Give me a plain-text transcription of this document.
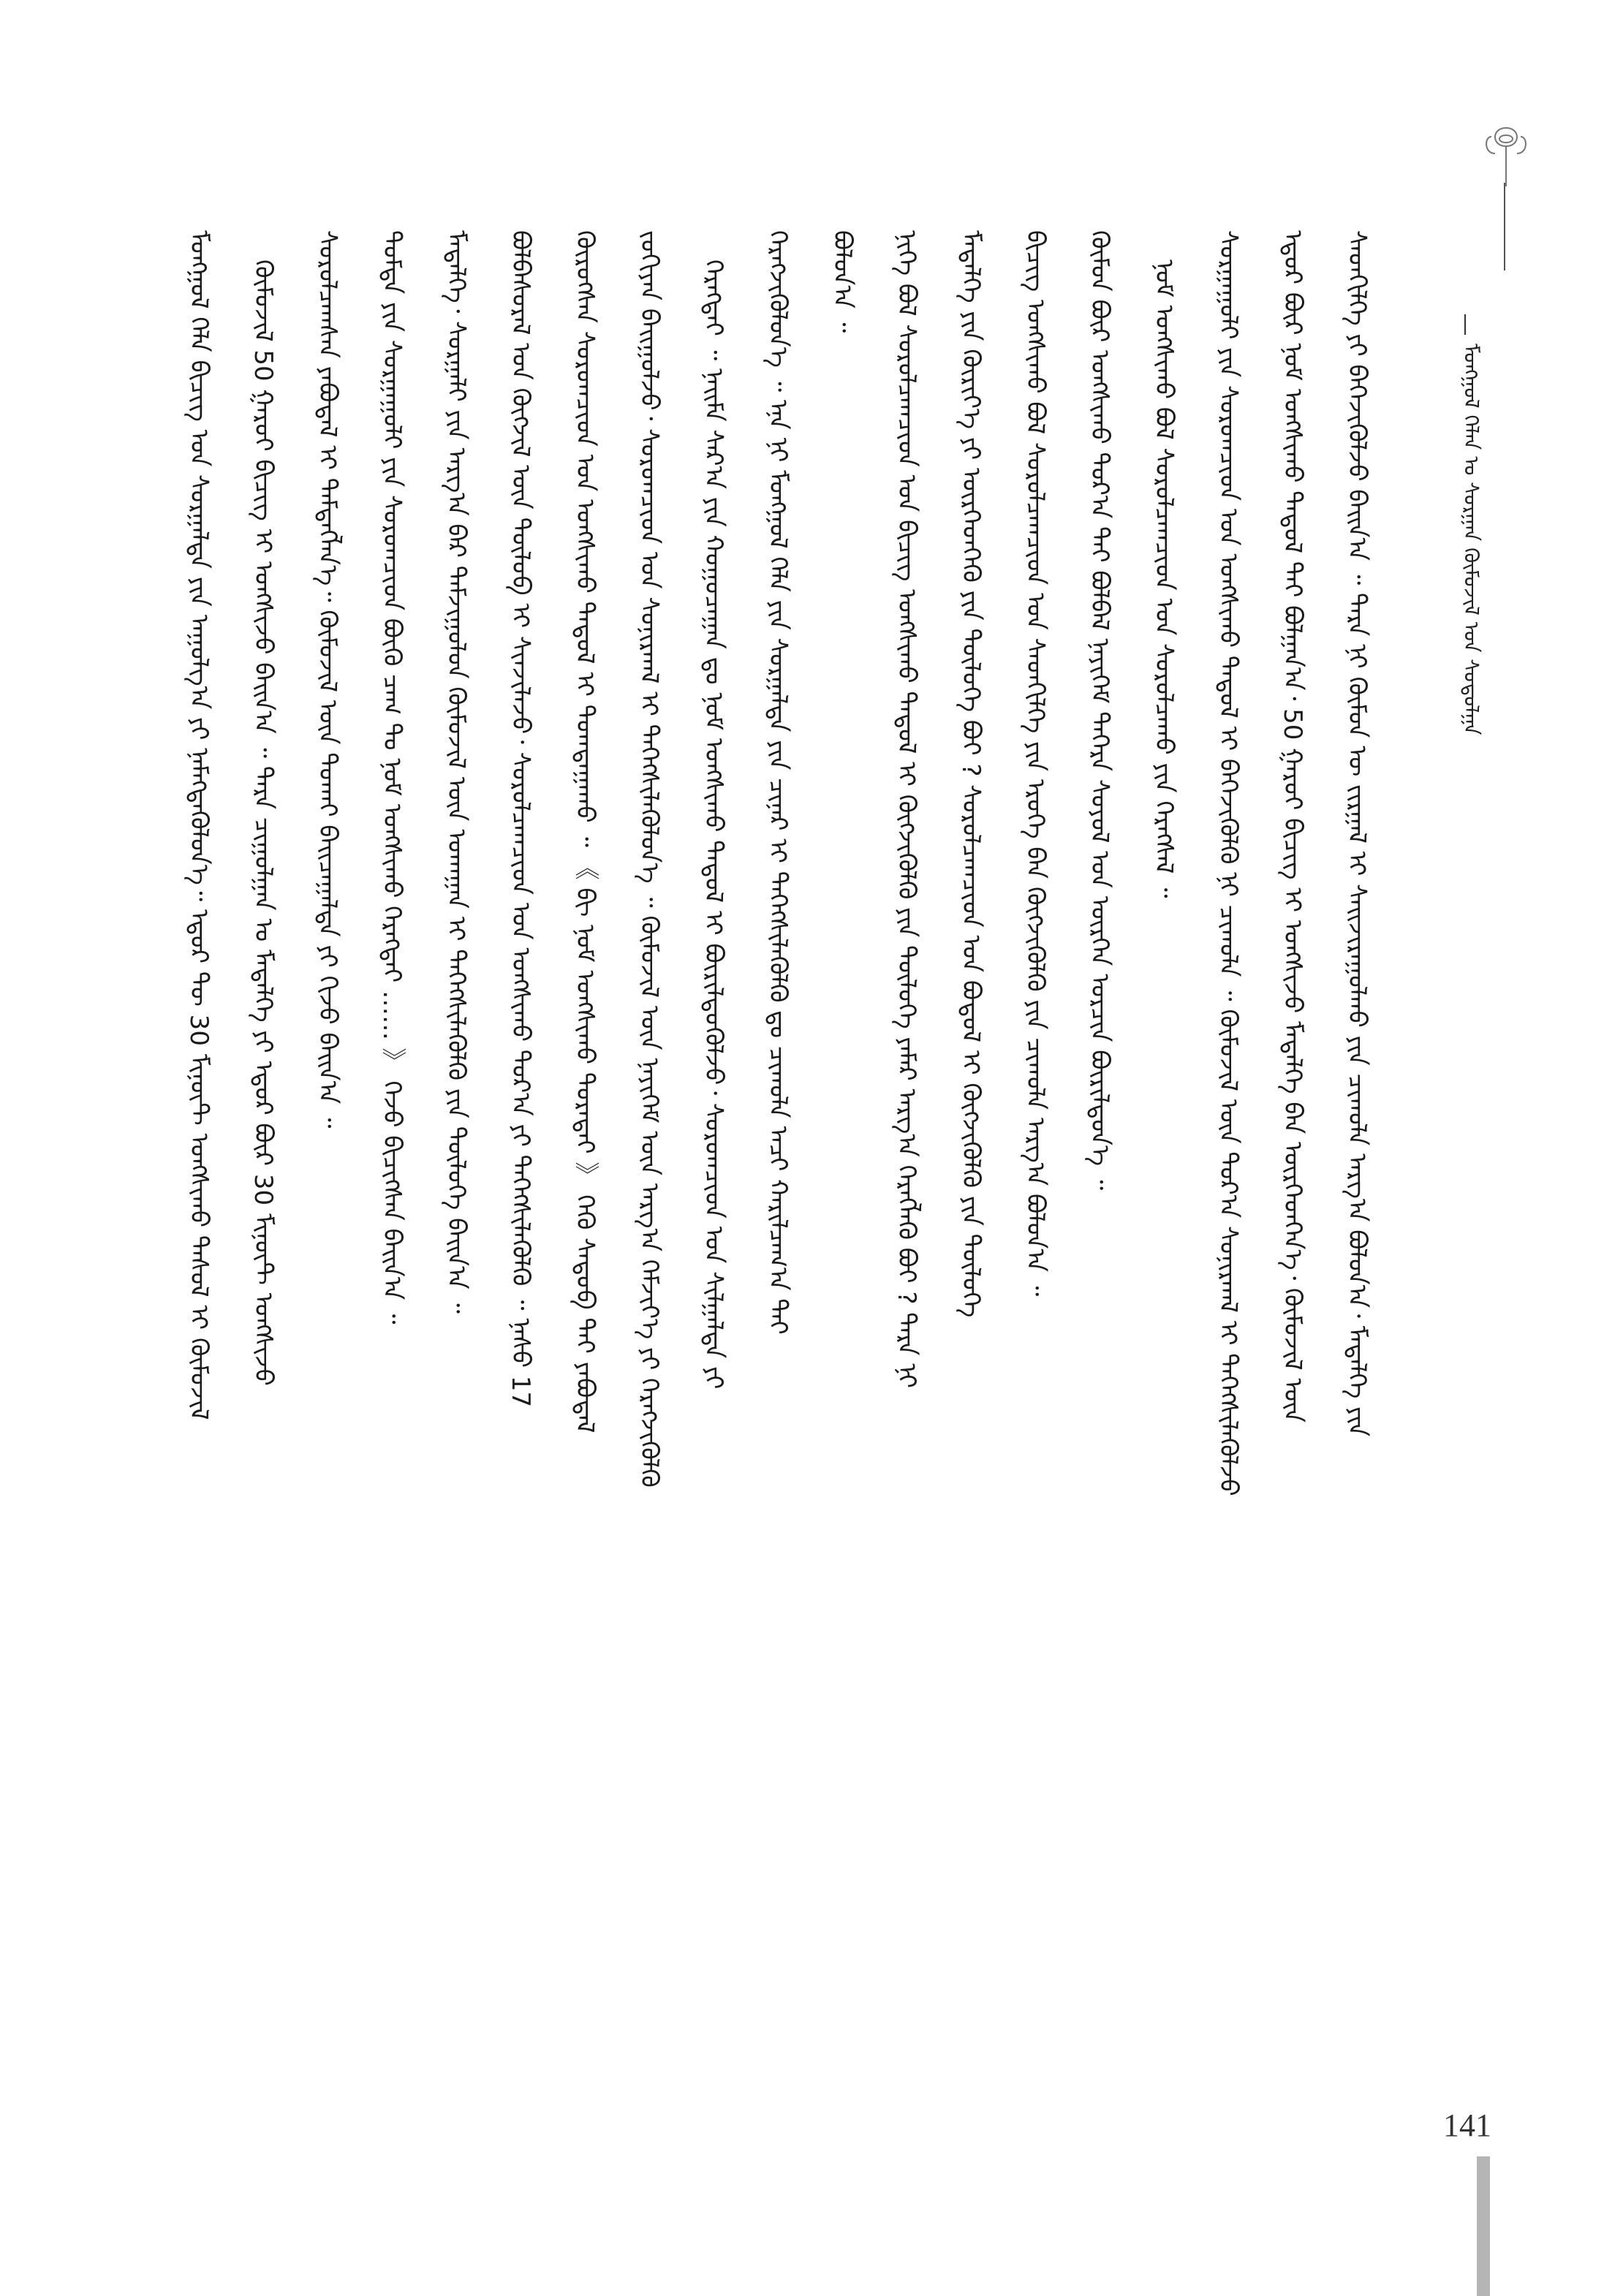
ᠮᠣᠩᠭᠣᠯ ᠬᠡᠯᠡᠨ ᠤ ᠰᠤᠷᠭᠠᠨ ᠬᠦᠮᠦᠵᠢᠯ ᠤᠨ ᠰᠤᠳᠤᠯᠭᠠ
ᠮᠤᠩᠭᠤᠯ ᠬᠡᠯᠡ ᠪᠢᠴᠢᠭ ᠤᠨ ᠰᠤᠷᠭᠠᠯᠲᠠ ᠶᠢᠨ ᠠᠭᠤᠯᠭ᠎ᠠ ᠶᠢ ᠨᠡᠮᠡᠭᠳᠡᠭᠦᠯᠦᠨ᠎ᠡ᠃ ᠡᠳᠦᠷ ᠲᠦ 30 ᠮᠢᠨᠦ᠋ᠲ ᠤᠩᠰᠢᠬᠤ ᠳᠠᠰᠤᠯ ᠢ ᠬᠦᠮᠦᠵᠢᠯ ᠬᠦᠮᠦᠵᠢᠯ 50 ᠭᠠᠷᠤᠢ ᠪᠢᠴᠢᠭ ᠢ ᠤᠩᠰᠢᠵᠤ ᠪᠠᠢᠨ᠎ᠠ ᠃ ᠲᠡᠷᠡ ᠴᠢᠭᠤᠯᠭᠠᠨ ᠤ ᠮᠡᠳᠡᠯᠭᠡ ᠶᠢ ᠡᠳᠦᠷ ᠪᠦᠷ 30 ᠮᠢᠨᠦ᠋ᠲ ᠤᠩᠰᠢᠵᠤ ᠰᠤᠷᠤᠯᠴᠠᠭᠰᠠᠨ ᠶᠠᠪᠤᠳᠠᠯ ᠢ ᠲᠡᠮᠳᠡᠭᠯᠡᠨ᠎ᠡ᠃ ᠬᠦᠮᠦᠵᠢᠯ ᠦᠨ ᠲᠤᠬᠠᠢ ᠪᠠᠢᠴᠠᠭᠠᠯᠲᠠ ᠶᠢ ᠬᠢᠵᠦ ᠪᠠᠢᠨ᠎ᠠ ᠃ ᠳᠤᠮᠳᠠ ᠶᠢᠨ ᠰᠤᠷᠭᠠᠭᠤᠯᠢ ᠶᠢᠨ ᠰᠤᠷᠤᠭᠴᠢᠳ ᠪᠦᠬᠦ ᠴᠠᠭ ᠲᠤ ᠨᠣᠮ ᠤᠩᠰᠢᠬᠤ ᠬᠡᠷᠡᠭᠲᠡᠢ …… 》 ᠭᠡᠵᠦ ᠪᠢᠴᠢᠭᠰᠡᠨ ᠪᠠᠢᠨ᠎ᠠ ᠃ ᠮᠡᠳᠡᠯᠭᠡ᠂ ᠰᠤᠷᠭᠠᠯᠢ ᠶᠢᠨ ᠠᠷᠭ᠎ᠠ ᠪᠠᠷ ᠳᠠᠮᠵᠢᠭᠤᠯᠤᠨ ᠬᠦᠮᠦᠵᠢᠯ ᠦᠨ ᠤᠬᠠᠭᠠᠨ ᠢ ᠳᠡᠭᠡᠭᠰᠢᠯᠡᠭᠦᠯᠬᠦ ᠶᠢᠨ ᠲᠥᠯᠥᠭᠡ ᠪᠠᠢᠨ᠎ᠠ ᠃ ᠪᠤᠯᠪᠠᠰᠤᠷᠠᠯ ᠤᠨ ᠬᠥᠭᠵᠢᠯ ᠦᠨ ᠲᠥᠯᠥᠪ ᠢ ᠰᠢᠨᠵᠢᠯᠡᠵᠦ᠂ ᠰᠤᠷᠤᠯᠴᠠᠭᠴᠢᠳ ᠤᠨ ᠤᠩᠰᠢᠬᠤ ᠳᠤᠷ᠎ᠠ ᠶᠢ ᠳᠡᠭᠡᠭᠰᠢᠯᠡᠭᠦᠯᠬᠦ ᠃ ᠨᠠᠰᠤ 17 ᠬᠦᠷᠦᠭᠰᠡᠨ ᠰᠤᠷᠤᠭᠴᠢᠳ ᠤᠨ ᠤᠩᠰᠢᠬᠤ ᠳᠠᠳᠤᠯ ᠢ ᠲᠤᠭᠲᠠᠭᠠᠬᠤ ᠃ 《 ᠪᠢ ᠨᠣᠮ ᠤᠩᠰᠢᠬᠤ ᠳᠤᠷᠠᠲᠠᠢ 》 ᠭᠡᠬᠦ ᠰᠡᠳᠦᠪ ᠲᠡᠢ ᠶᠠᠪᠤᠳᠠᠯ ᠵᠣᠬᠢᠶᠠᠨ ᠪᠠᠢᠭᠤᠯᠵᠤ᠂ ᠰᠤᠷᠤᠭᠴᠢᠳ ᠤᠨ ᠰᠤᠨᠢᠷᠬᠠᠯ ᠢ ᠳᠡᠭᠡᠭᠰᠢᠯᠡᠭᠦᠯᠦᠨ᠎ᠡ ᠃ ᠬᠦᠮᠦᠵᠢᠯ ᠦᠨ ᠨᠡᠶᠢᠭᠡᠮ ᠦᠨ ᠠᠷᠭ᠎ᠠ ᠬᠡᠮᠵᠢᠶ᠎ᠡ ᠶᠢ ᠬᠡᠷᠡᠭᠵᠢᠭᠦᠯᠬᠦ ᠬᠡᠷᠡᠭᠲᠡᠢ ᠃ ᠨᠠᠢᠮᠠ ᠰᠠᠷ᠎ᠠ ᠶᠢᠨ ᠬᠤᠭᠤᠴᠠᠭᠠᠨ ᠳᠤ ᠨᠣᠮ ᠤᠩᠰᠢᠬᠤ ᠳᠠᠳᠤᠯ ᠢ ᠪᠦᠷᠢᠯᠳᠦᠭᠦᠯᠵᠦ᠂ ᠰᠤᠷᠤᠭᠴᠢᠳ ᠤᠨ ᠰᠢᠯᠭᠠᠯᠲᠠ ᠶᠢ ᠬᠡᠷᠡᠭᠵᠢᠭᠦᠯᠦᠨ᠎ᠡ ᠃ ᠡᠨᠡ ᠨᠢ ᠮᠤᠩᠭᠤᠯ ᠬᠡᠯᠡ ᠶᠢᠨ ᠰᠤᠷᠭᠠᠯᠲᠠ ᠶᠢᠨ ᠴᠢᠨᠠᠷ ᠢ ᠳᠡᠭᠡᠭᠰᠢᠯᠡᠭᠦᠯᠬᠦ ᠳᠤ ᠴᠢᠬᠤᠯᠠ ᠠᠴᠢ ᠬᠠᠷᠢᠯᠴᠠᠭ᠎ᠠ ᠲᠠᠢ ᠪᠣᠯᠣᠨ᠎ᠠ ᠃ ᠨᠢᠭᠡ ᠪᠣᠯ ᠰᠤᠷᠤᠯᠴᠠᠭᠴᠢᠳ ᠤᠨ ᠪᠢᠴᠢᠭ ᠤᠩᠰᠢᠬᠤ ᠳᠠᠳᠤᠯ ᠢ ᠬᠥᠭᠵᠢᠭᠦᠯᠬᠦ ᠶᠢᠨ ᠲᠥᠯᠥᠭᠡ ᠶᠠᠮᠠᠷ ᠠᠷᠭ᠎ᠠ ᠬᠡᠷᠡᠭᠯᠡᠬᠦ ᠪᠤᠢ ? ᠲᠡᠷᠡ ᠨᠢ ᠮᠡᠳᠡᠯᠭᠡ ᠶᠢᠨ ᠬᠦᠷᠢᠶ᠎ᠡ ᠶᠢ ᠥᠷᠭᠡᠳᠬᠡᠬᠦ ᠶᠢᠨ ᠲᠥᠯᠥᠭᠡ ᠪᠤᠢ ? ᠰᠤᠷᠤᠯᠴᠠᠭᠴᠢᠳ ᠤᠨ ᠪᠣᠳᠤᠯ ᠢ ᠬᠥᠭᠵᠢᠭᠦᠯᠬᠦ ᠶᠢᠨ ᠲᠥᠯᠥᠭᠡ ᠪᠢᠴᠢᠭ ᠤᠩᠰᠢᠬᠤ ᠪᠣᠯ ᠰᠤᠷᠤᠯᠴᠠᠭᠴᠢᠳ ᠤᠨ ᠰᠡᠳᠬᠢᠯᠭᠡ ᠶᠢᠨ ᠡᠷᠦᠬᠡ ᠪᠡᠨ ᠬᠥᠭᠵᠢᠭᠦᠯᠬᠦ ᠶᠢᠨ ᠴᠢᠬᠤᠯᠠ ᠠᠷᠭ᠎ᠠ ᠪᠣᠯᠤᠨ᠎ᠠ ᠃ ᠬᠦᠮᠦᠨ ᠪᠦᠷ ᠤᠩᠰᠢᠬᠤ ᠳᠤᠷ᠎ᠠ ᠲᠠᠢ ᠪᠣᠯᠪᠠᠯ ᠨᠡᠶᠢᠭᠡᠮ ᠳᠡᠭᠡᠷᠡ ᠰᠣᠶᠣᠯ ᠤᠨ ᠥᠷᠭᠡᠨ ᠤᠷᠴᠢᠨ ᠪᠦᠷᠢᠯᠳᠦᠨ᠎ᠡ ᠃ ᠨᠣᠮ ᠤᠩᠰᠢᠬᠤ ᠪᠣᠯ ᠰᠤᠷᠤᠯᠴᠠᠭᠴᠢᠳ ᠤᠨ ᠰᠤᠷᠤᠯᠴᠠᠬᠤ ᠶᠢᠨ ᠬᠡᠷᠡᠭᠰᠡᠯ ᠃ ᠰᠤᠷᠭᠠᠭᠤᠯᠢ ᠶᠢᠨ ᠰᠤᠷᠤᠭᠴᠢᠳ ᠤᠨ ᠤᠩᠰᠢᠬᠤ ᠳᠠᠳᠤᠯ ᠢ ᠪᠡᠬᠡᠵᠢᠭᠦᠯᠬᠦ ᠨᠢ ᠴᠢᠬᠤᠯᠠ ᠃ ᠬᠦᠮᠦᠵᠢᠯ ᠦᠨ ᠳᠤᠷ᠎ᠠ ᠰᠣᠨᠢᠷᠬᠠᠯ ᠢ ᠳᠡᠭᠡᠭᠰᠢᠯᠡᠭᠦᠯᠵᠦ ᠡᠳᠦᠷ ᠪᠦᠷ ᠨᠣᠮ ᠤᠩᠰᠢᠬᠤ ᠳᠠᠳᠤᠯ ᠲᠠᠢ ᠪᠣᠯᠭᠠᠨ᠎ᠠ᠂ 50 ᠭᠠᠷᠤᠢ ᠪᠢᠴᠢᠭ ᠢ ᠤᠩᠰᠢᠵᠤ ᠮᠡᠳᠡᠯᠭᠡ ᠪᠠᠨ ᠥᠷᠭᠡᠳᠬᠡᠨ᠎ᠡ᠂ ᠬᠦᠮᠦᠵᠢᠯ ᠦᠨ ᠰᠡᠳᠬᠢᠯᠭᠡ ᠶᠢ ᠪᠡᠬᠡᠵᠢᠭᠦᠯᠵᠦ ᠪᠠᠢᠨ᠎ᠠ ᠃ ᠲᠡᠷᠡ ᠨᠢ ᠬᠦᠮᠦᠨ ᠦ ᠵᠢᠷᠭᠠᠯ ᠢ ᠰᠠᠢᠵᠢᠷᠠᠭᠤᠯᠬᠤ ᠶᠢᠨ ᠴᠢᠬᠤᠯᠠ ᠠᠷᠭ᠎ᠠ ᠪᠣᠯᠤᠨ᠎ᠠ᠂ ᠮᠡᠳᠡᠯᠭᠡ ᠶᠢᠨ
141
